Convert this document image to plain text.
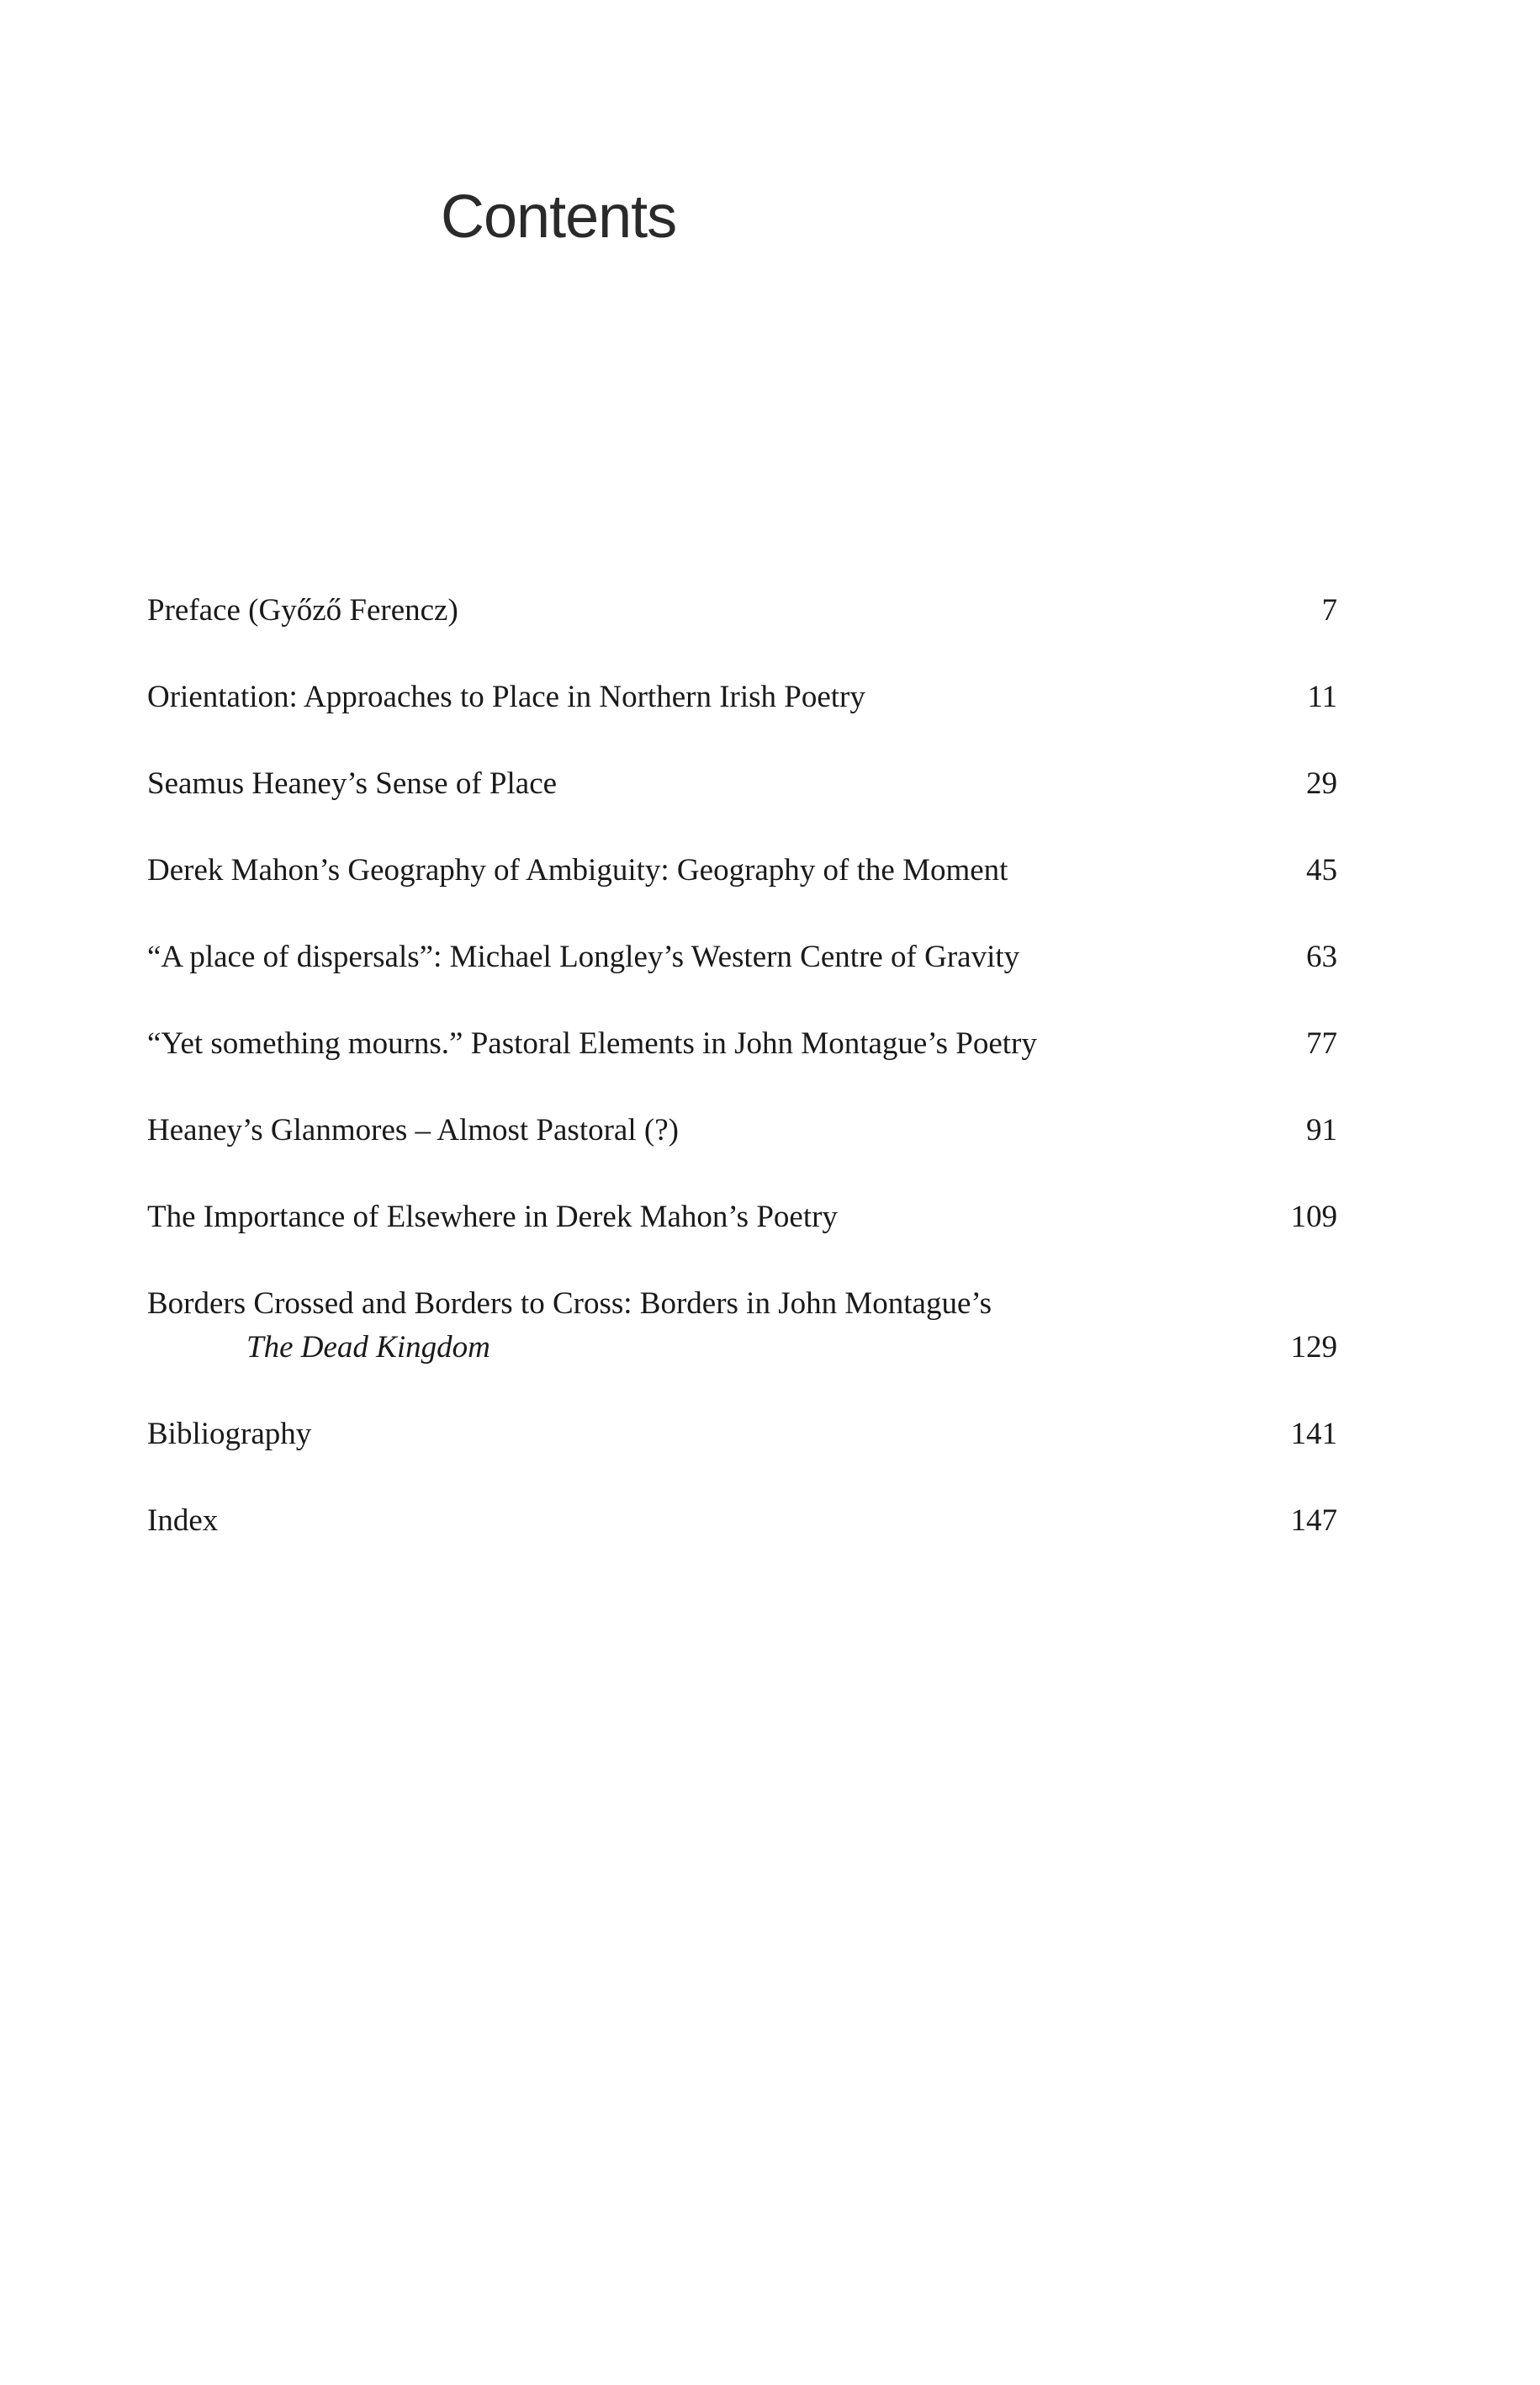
Contents
Preface (Győző Ferencz)	7
Orientation: Approaches to Place in Northern Irish Poetry	11
Seamus Heaney’s Sense of Place	29
Derek Mahon’s Geography of Ambiguity: Geography of the Moment	45
“A place of dispersals”: Michael Longley’s Western Centre of Gravity	63
“Yet something mourns.” Pastoral Elements in John Montague’s Poetry	77
Heaney’s Glanmores – Almost Pastoral (?)	91
The Importance of Elsewhere in Derek Mahon’s Poetry	109
Borders Crossed and Borders to Cross: Borders in John Montague’s
The Dead Kingdom	129
Bibliography	141
Index	147
